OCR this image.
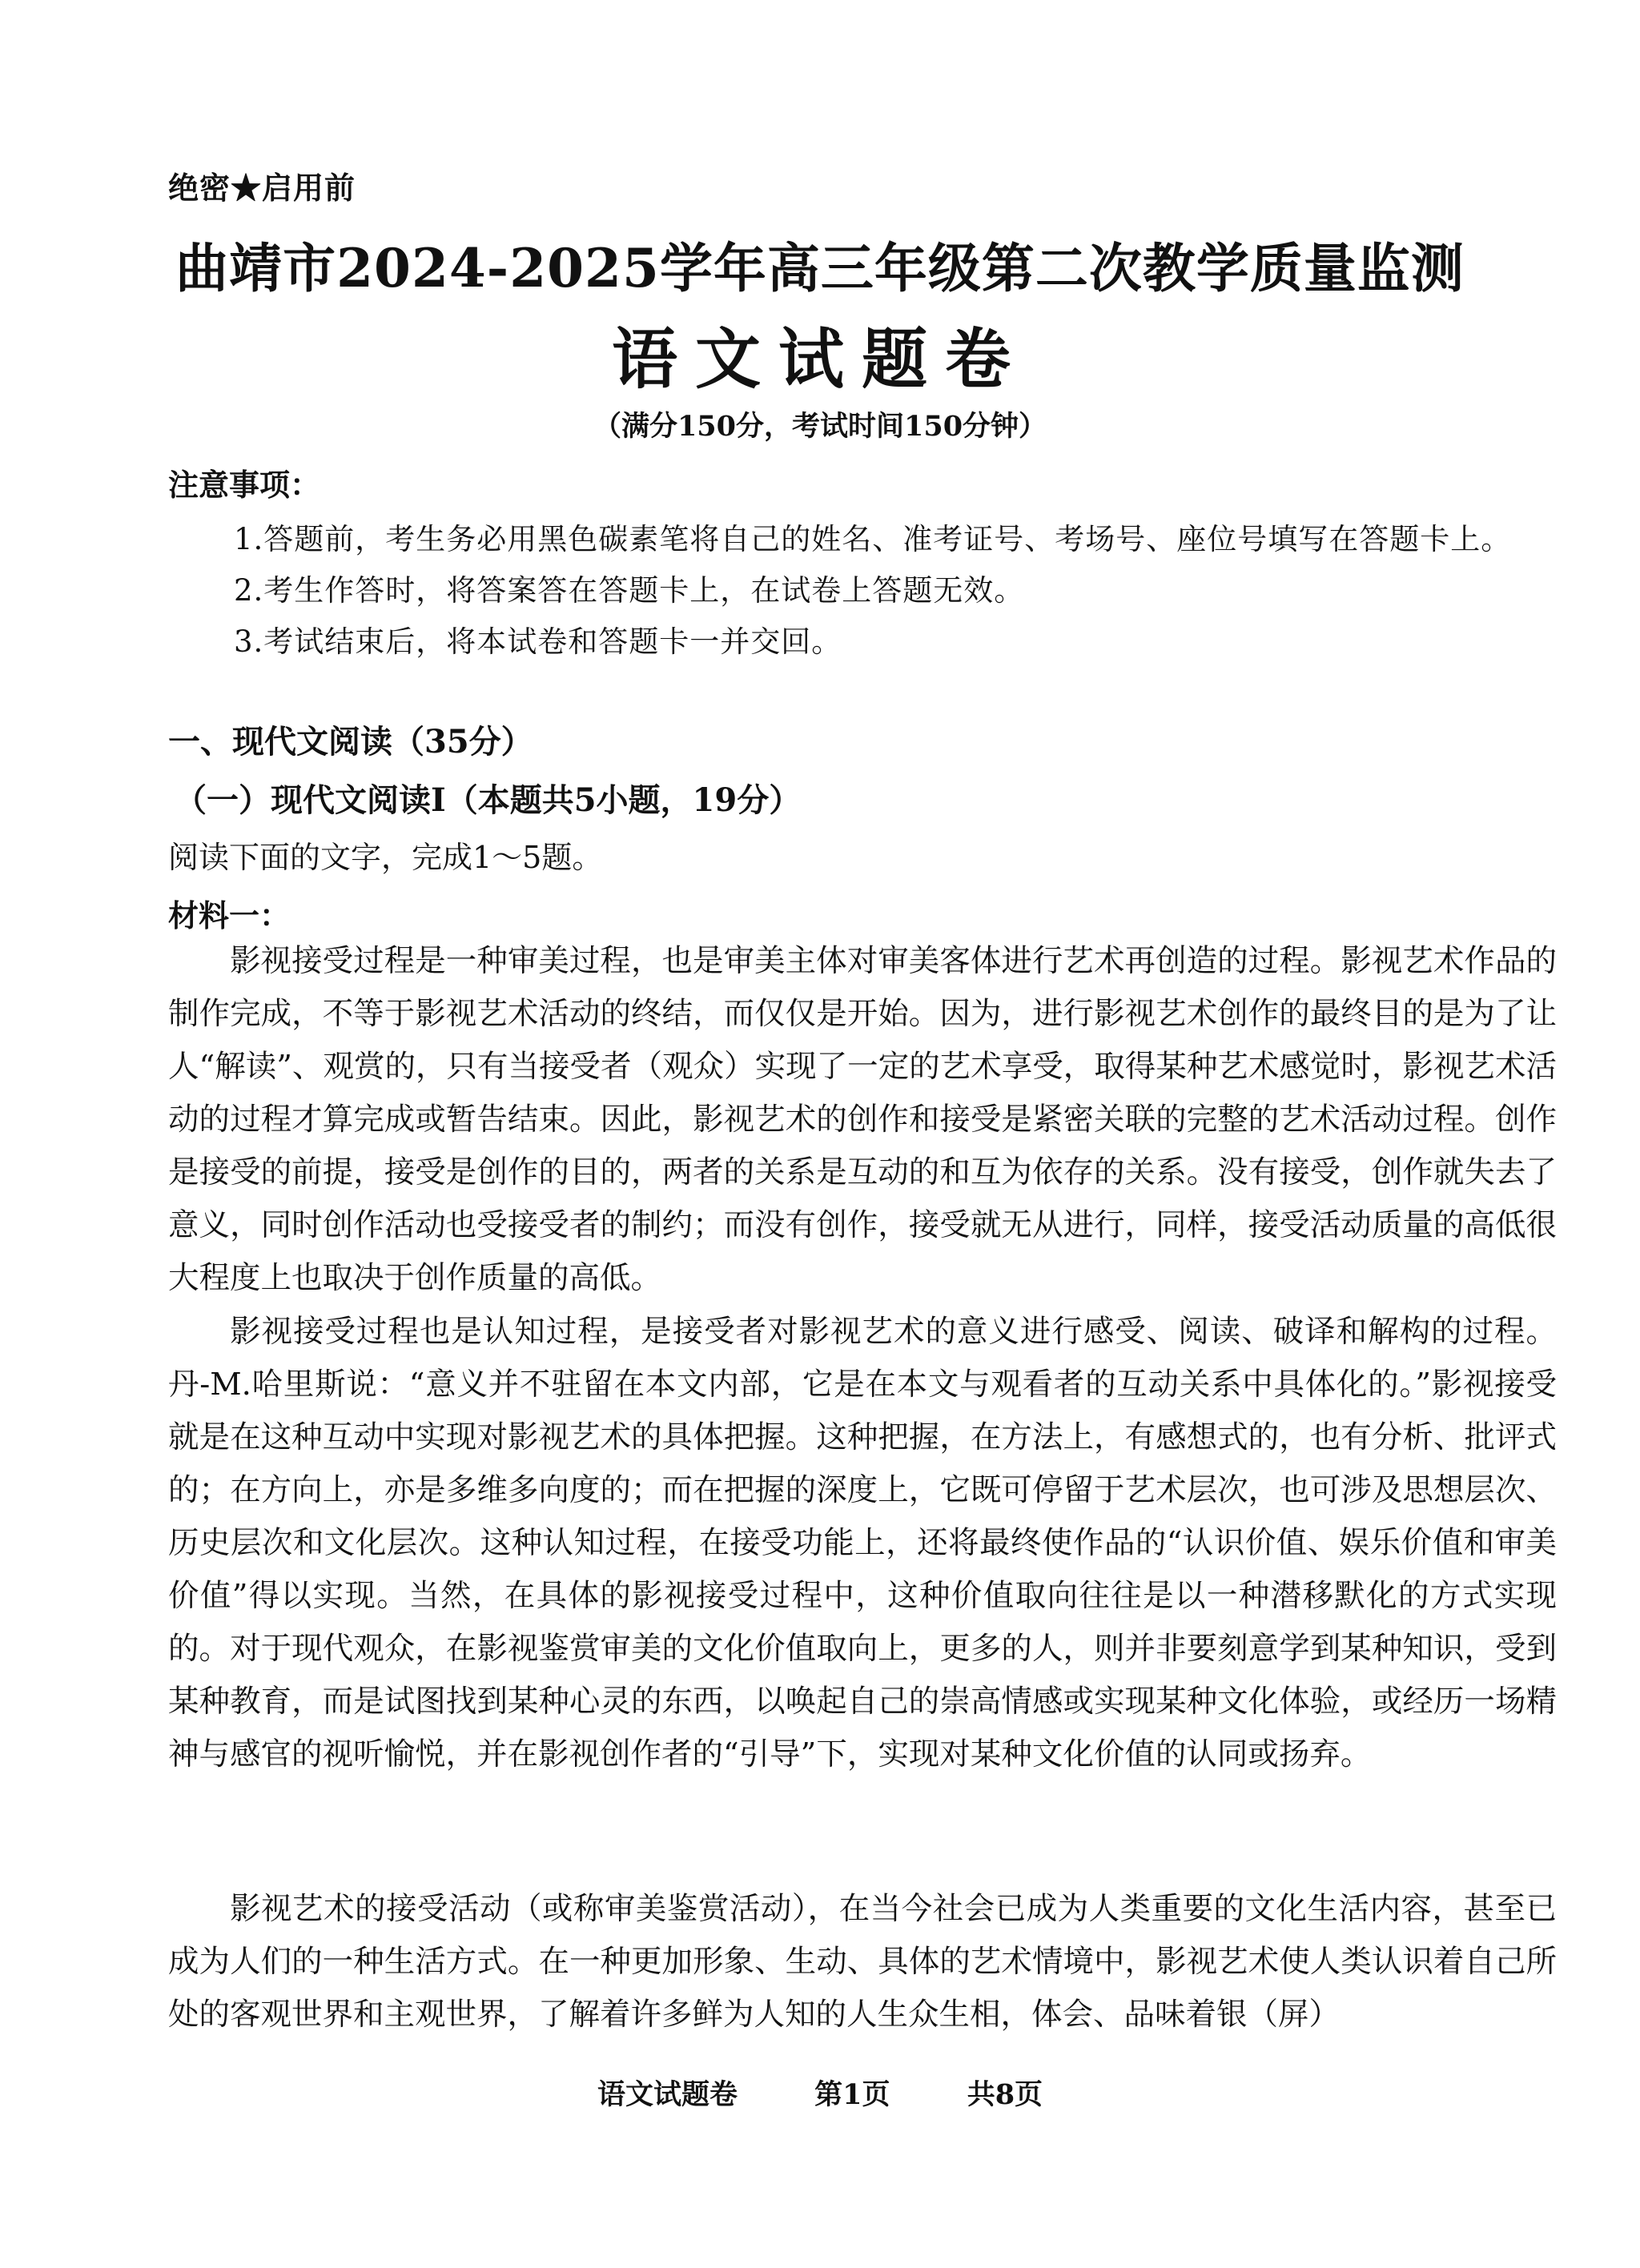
绝密★启用前
曲靖市2024-2025学年高三年级第二次教学质量监测
语文试题卷
（满分150分，考试时间150分钟）
注意事项：
1.答题前，考生务必用黑色碳素笔将自己的姓名、准考证号、考场号、座位号填写在答题卡上。
2.考生作答时，将答案答在答题卡上，在试卷上答题无效。
3.考试结束后，将本试卷和答题卡一并交回。
一、现代文阅读（35分）
（一）现代文阅读Ⅰ（本题共5小题，19分）
阅读下面的文字，完成1～5题。
材料一：

影视接受过程是一种审美过程，也是审美主体对审美客体进行艺术再创造的过程。影视艺术作品的制作完成，不等于影视艺术活动的终结，而仅仅是开始。因为，进行影视艺术创作的最终目的是为了让人“解读”、观赏的，只有当接受者（观众）实现了一定的艺术享受，取得某种艺术感觉时，影视艺术活动的过程才算完成或暂告结束。因此，影视艺术的创作和接受是紧密关联的完整的艺术活动过程。创作是接受的前提，接受是创作的目的，两者的关系是互动的和互为依存的关系。没有接受，创作就失去了意义，同时创作活动也受接受者的制约；而没有创作，接受就无从进行，同样，接受活动质量的高低很大程度上也取决于创作质量的高低。

影视接受过程也是认知过程，是接受者对影视艺术的意义进行感受、阅读、破译和解构的过程。丹-M.哈里斯说：“意义并不驻留在本文内部，它是在本文与观看者的互动关系中具体化的。”影视接受就是在这种互动中实现对影视艺术的具体把握。这种把握，在方法上，有感想式的，也有分析、批评式的；在方向上，亦是多维多向度的；而在把握的深度上，它既可停留于艺术层次，也可涉及思想层次、历史层次和文化层次。这种认知过程，在接受功能上，还将最终使作品的“认识价值、娱乐价值和审美价值”得以实现。当然，在具体的影视接受过程中，这种价值取向往往是以一种潜移默化的方式实现的。对于现代观众，在影视鉴赏审美的文化价值取向上，更多的人，则并非要刻意学到某种知识，受到某种教育，而是试图找到某种心灵的东西，以唤起自己的崇高情感或实现某种文化体验，或经历一场精神与感官的视听愉悦，并在影视创作者的“引导”下，实现对某种文化价值的认同或扬弃。

影视艺术的接受活动（或称审美鉴赏活动），在当今社会已成为人类重要的文化生活内容，甚至已成为人们的一种生活方式。在一种更加形象、生动、具体的艺术情境中，影视艺术使人类认识着自己所处的客观世界和主观世界，了解着许多鲜为人知的人生众生相，体会、品味着银（屏）

语文试题卷	第1页	共8页
